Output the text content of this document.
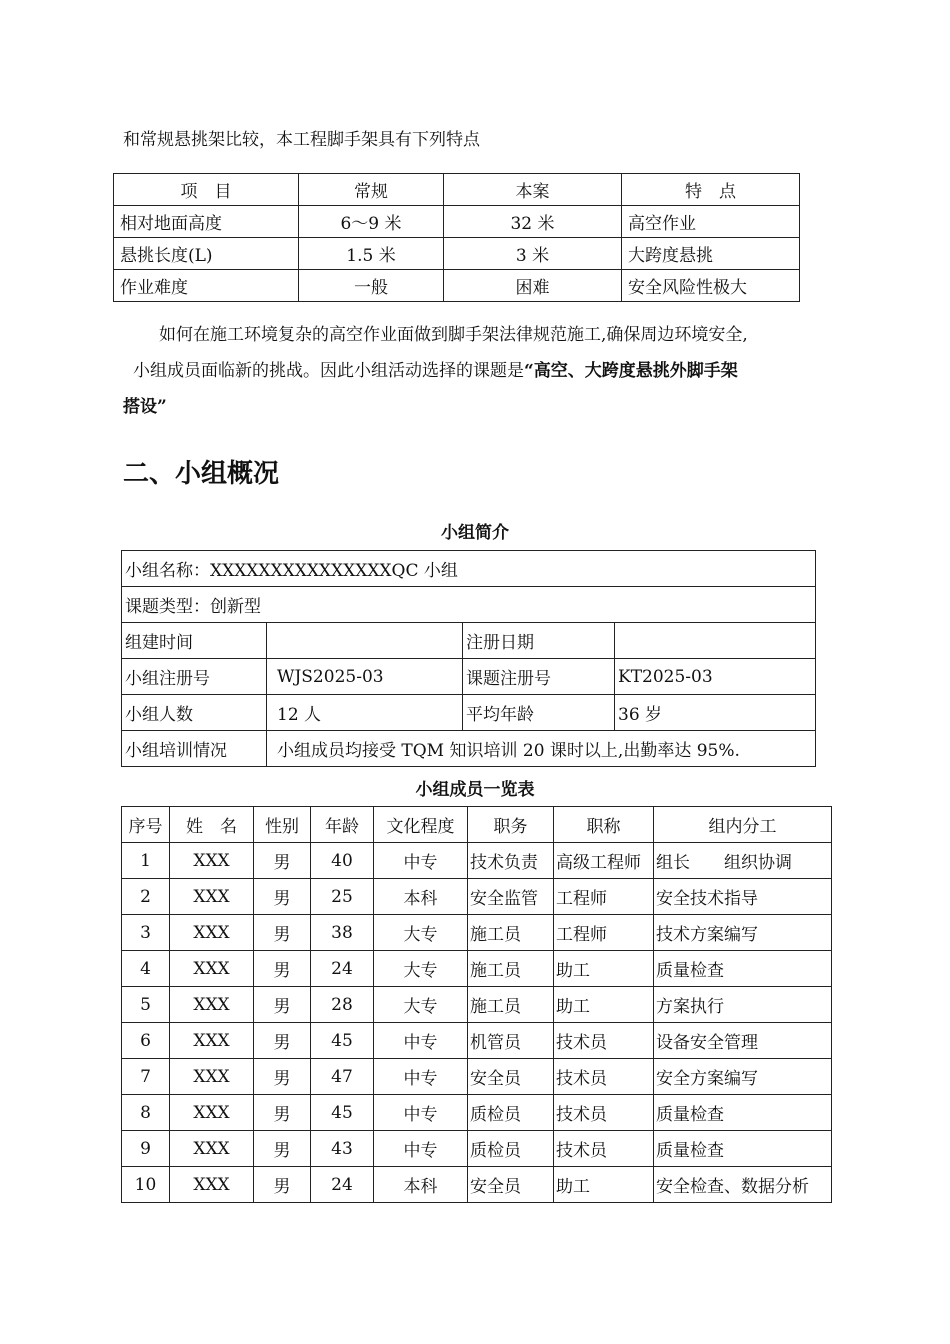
和常规悬挑架比较，本工程脚手架具有下列特点
项　目	常规	本案	特　点
相对地面高度	6～9 米	32 米	高空作业
悬挑长度(L)	1.5 米	3 米	大跨度悬挑
作业难度	一般	困难	安全风险性极大

如何在施工环境复杂的高空作业面做到脚手架法律规范施工,确保周边环境安全,

小组成员面临新的挑战。因此小组活动选择的课题是“高空、大跨度悬挑外脚手架

搭设”

二、小组概况
小组简介
小组名称：XXXXXXXXXXXXXXXQC 小组			
课题类型：创新型			
组建时间		注册日期	
小组注册号	WJS2025-03	课题注册号	KT2025-03
小组人数	12 人	平均年龄	36 岁
小组培训情况	小组成员均接受 TQM 知识培训 20 课时以上,出勤率达 95%.		
小组成员一览表
序号	姓　名	性别	年龄	文化程度	职务	职称	组内分工
1	XXX	男	40	中专	技术负责	高级工程师	组长　　组织协调
2	XXX	男	25	本科	安全监管	工程师	安全技术指导
3	XXX	男	38	大专	施工员	工程师	技术方案编写
4	XXX	男	24	大专	施工员	助工	质量检查
5	XXX	男	28	大专	施工员	助工	方案执行
6	XXX	男	45	中专	机管员	技术员	设备安全管理
7	XXX	男	47	中专	安全员	技术员	安全方案编写
8	XXX	男	45	中专	质检员	技术员	质量检查
9	XXX	男	43	中专	质检员	技术员	质量检查
10	XXX	男	24	本科	安全员	助工	安全检查、数据分析
